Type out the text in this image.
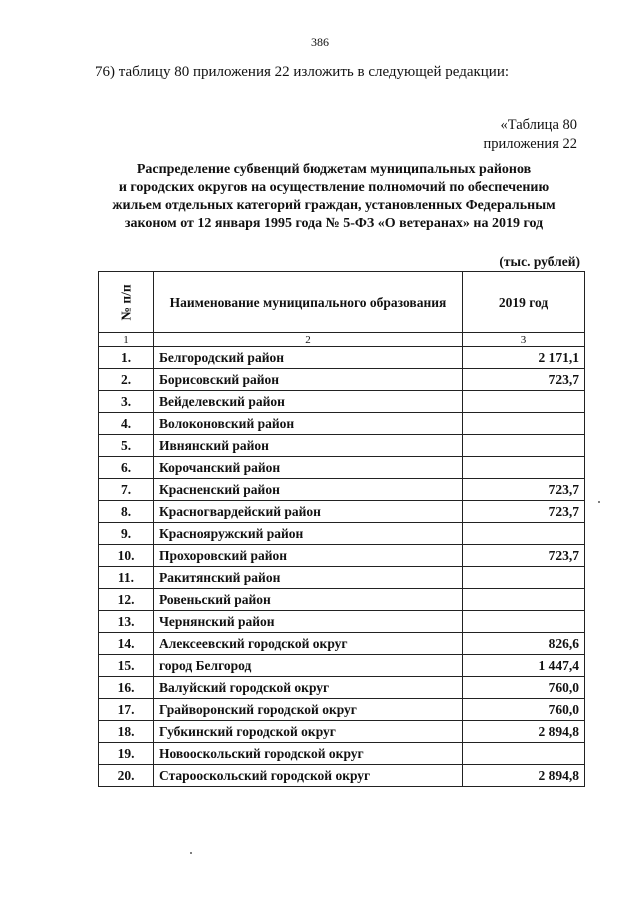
386
76) таблицу 80 приложения 22 изложить в следующей редакции:
«Таблица 80
приложения 22
Распределение субвенций бюджетам муниципальных районов
и городских округов на осуществление полномочий по обеспечению
жильем отдельных категорий граждан, установленных Федеральным
законом от 12 января 1995 года № 5-ФЗ «О ветеранах» на 2019 год
(тыс. рублей)
№ п/п	Наименование муниципального образования	2019 год
1	2	3
1.	Белгородский район	2 171,1
2.	Борисовский район	723,7
3.	Вейделевский район	
4.	Волоконовский район	
5.	Ивнянский район	
6.	Корочанский район	
7.	Красненский район	723,7
8.	Красногвардейский район	723,7
9.	Краснояружский район	
10.	Прохоровский район	723,7
11.	Ракитянский район	
12.	Ровеньский район	
13.	Чернянский район	
14.	Алексеевский городской округ	826,6
15.	город Белгород	1 447,4
16.	Валуйский городской округ	760,0
17.	Грайворонский городской округ	760,0
18.	Губкинский городской округ	2 894,8
19.	Новооскольский городской округ	
20.	Старооскольский городской округ	2 894,8
